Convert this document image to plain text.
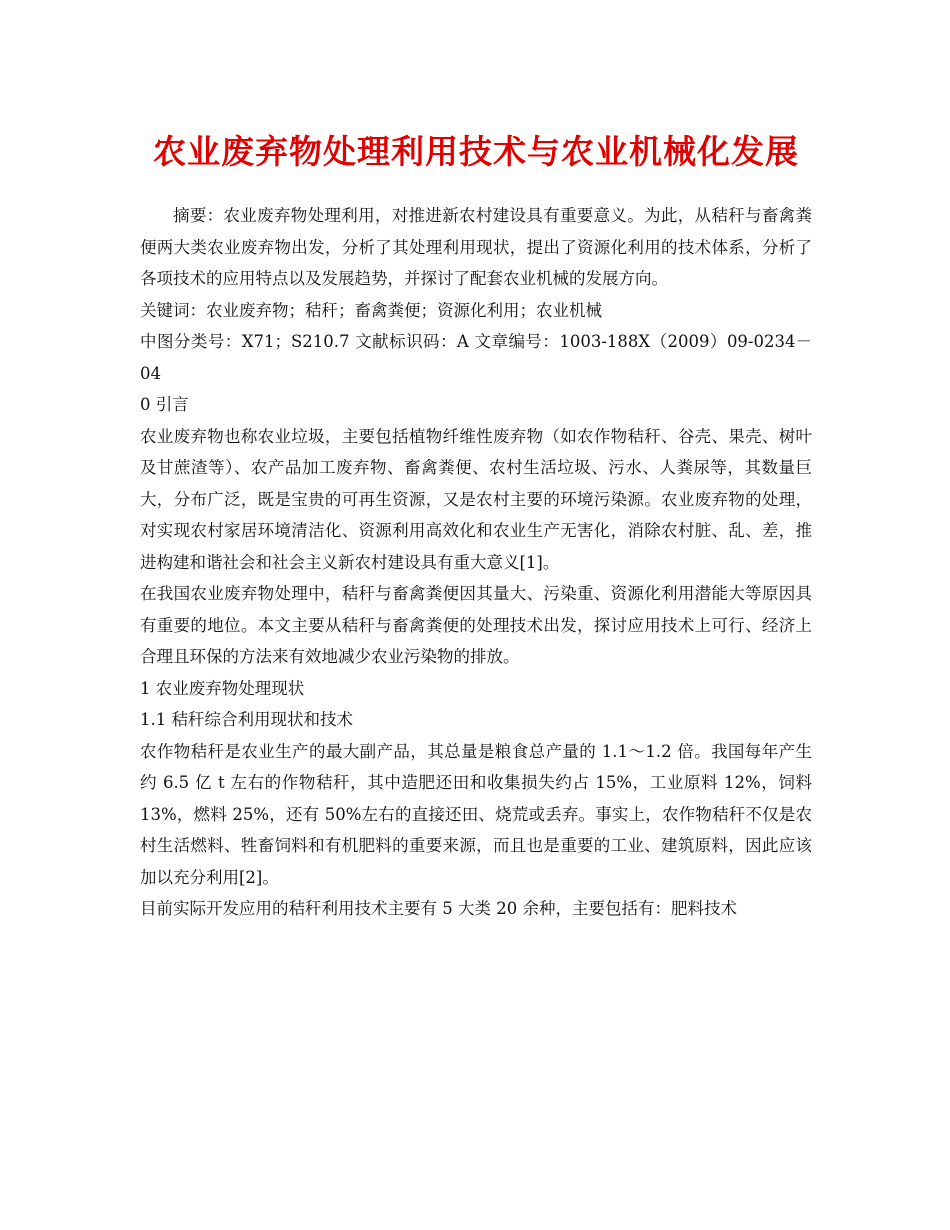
农业废弃物处理利用技术与农业机械化发展

摘要：农业废弃物处理利用，对推进新农村建设具有重要意义。为此，从秸秆与畜禽粪便两大类农业废弃物出发，分析了其处理利用现状，提出了资源化利用的技术体系，分析了各项技术的应用特点以及发展趋势，并探讨了配套农业机械的发展方向。

关键词：农业废弃物；秸秆；畜禽粪便；资源化利用；农业机械

中图分类号：X71；S210.7 文献标识码：A 文章编号：1003-188X（2009）09-0234－04

0 引言

农业废弃物也称农业垃圾，主要包括植物纤维性废弃物（如农作物秸秆、谷壳、果壳、树叶及甘蔗渣等）、农产品加工废弃物、畜禽粪便、农村生活垃圾、污水、人粪尿等，其数量巨大，分布广泛，既是宝贵的可再生资源，又是农村主要的环境污染源。农业废弃物的处理，对实现农村家居环境清洁化、资源利用高效化和农业生产无害化，消除农村脏、乱、差，推进构建和谐社会和社会主义新农村建设具有重大意义[1]。

在我国农业废弃物处理中，秸秆与畜禽粪便因其量大、污染重、资源化利用潜能大等原因具有重要的地位。本文主要从秸秆与畜禽粪便的处理技术出发，探讨应用技术上可行、经济上合理且环保的方法来有效地减少农业污染物的排放。

1 农业废弃物处理现状

1.1 秸秆综合利用现状和技术

农作物秸秆是农业生产的最大副产品，其总量是粮食总产量的 1.1～1.2 倍。我国每年产生约 6.5 亿 t 左右的作物秸秆，其中造肥还田和收集损失约占 15%，工业原料 12%，饲料 13%，燃料 25%，还有 50%左右的直接还田、烧荒或丢弃。事实上，农作物秸秆不仅是农村生活燃料、牲畜饲料和有机肥料的重要来源，而且也是重要的工业、建筑原料，因此应该加以充分利用[2]。

目前实际开发应用的秸秆利用技术主要有 5 大类 20 余种，主要包括有：肥料技术
